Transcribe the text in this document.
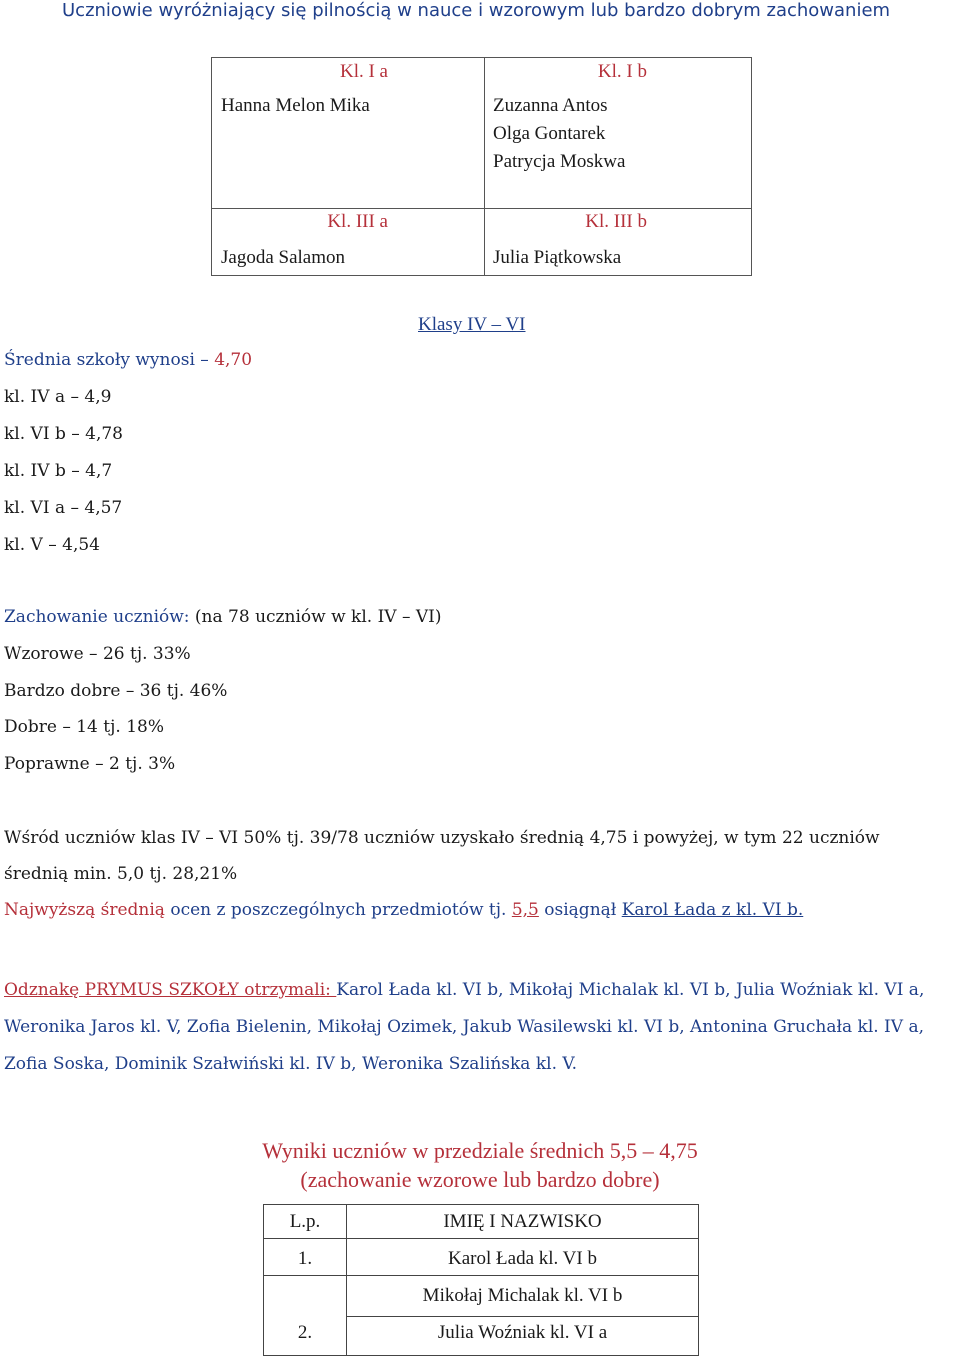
Uczniowie wyróżniający się pilnością w nauce i wzorowym lub bardzo dobrym zachowaniem
Kl. I a
Hanna Melon Mika
Kl. I b
Zuzanna Antos
Olga Gontarek
Patrycja Moskwa
Kl. III a
Jagoda Salamon
Kl. III b
Julia Piątkowska
Klasy IV – VI
Średnia szkoły wynosi – 4,70
kl. IV a – 4,9
kl. VI b – 4,78
kl. IV b – 4,7
kl. VI a – 4,57
kl. V – 4,54
Zachowanie uczniów: (na 78 uczniów w kl. IV – VI)
Wzorowe – 26 tj. 33%
Bardzo dobre – 36 tj. 46%
Dobre – 14 tj. 18%
Poprawne – 2 tj. 3%
Wśród uczniów klas IV – VI 50% tj. 39/78 uczniów uzyskało średnią 4,75 i powyżej, w tym 22 uczniów
średnią min. 5,0 tj. 28,21%
Najwyższą średnią ocen z poszczególnych przedmiotów tj. 5,5 osiągnął Karol Łada z kl. VI b.
Odznakę PRYMUS SZKOŁY otrzymali: Karol Łada kl. VI b, Mikołaj Michalak kl. VI b, Julia Woźniak kl. VI a, Weronika Jaros kl. V, Zofia Bielenin, Mikołaj Ozimek, Jakub Wasilewski kl. VI b, Antonina Gruchała kl. IV a, Zofia Soska, Dominik Szałwiński kl. IV b, Weronika Szalińska kl. V.
Wyniki uczniów w przedziale średnich 5,5 – 4,75
(zachowanie wzorowe lub bardzo dobre)
L.p.	IMIĘ I NAZWISKO
1.	Karol Łada kl. VI b
2.
Mikołaj Michalak kl. VI b
Julia Woźniak kl. VI a
